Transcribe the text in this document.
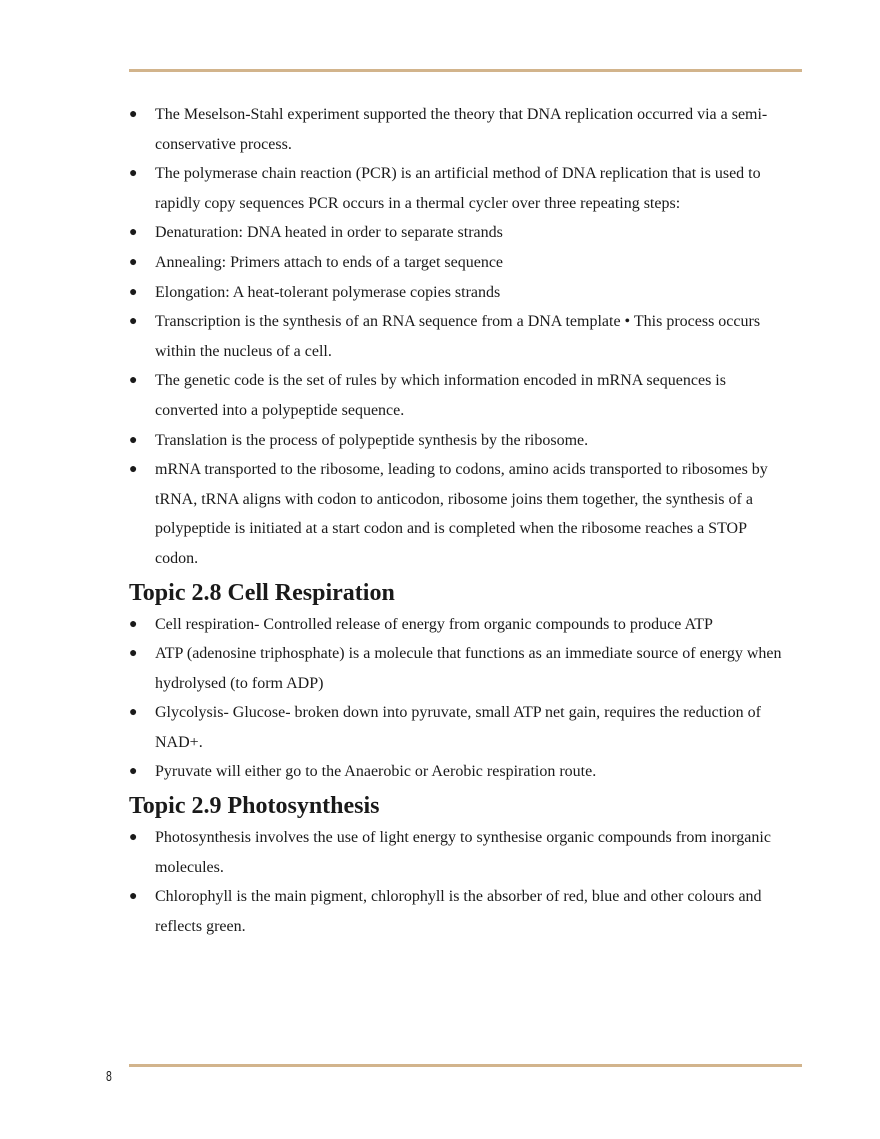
● The Meselson-Stahl experiment supported the theory that DNA replication occurred via a semi-conservative process.
● The polymerase chain reaction (PCR) is an artificial method of DNA replication that is used to rapidly copy sequences PCR occurs in a thermal cycler over three repeating steps:
● Denaturation: DNA heated in order to separate strands
● Annealing: Primers attach to ends of a target sequence
● Elongation: A heat-tolerant polymerase copies strands
● Transcription is the synthesis of an RNA sequence from a DNA template • This process occurs within the nucleus of a cell.
● The genetic code is the set of rules by which information encoded in mRNA sequences is converted into a polypeptide sequence.
● Translation is the process of polypeptide synthesis by the ribosome.
● mRNA transported to the ribosome, leading to codons, amino acids transported to ribosomes by tRNA, tRNA aligns with codon to anticodon, ribosome joins them together, the synthesis of a polypeptide is initiated at a start codon and is completed when the ribosome reaches a STOP codon.
Topic 2.8 Cell Respiration
● Cell respiration- Controlled release of energy from organic compounds to produce ATP
● ATP (adenosine triphosphate) is a molecule that functions as an immediate source of energy when hydrolysed (to form ADP)
● Glycolysis- Glucose- broken down into pyruvate, small ATP net gain, requires the reduction of NAD+.
● Pyruvate will either go to the Anaerobic or Aerobic respiration route.
Topic 2.9 Photosynthesis
● Photosynthesis involves the use of light energy to synthesise organic compounds from inorganic molecules.
● Chlorophyll is the main pigment, chlorophyll is the absorber of red, blue and other colours and reflects green.
8
